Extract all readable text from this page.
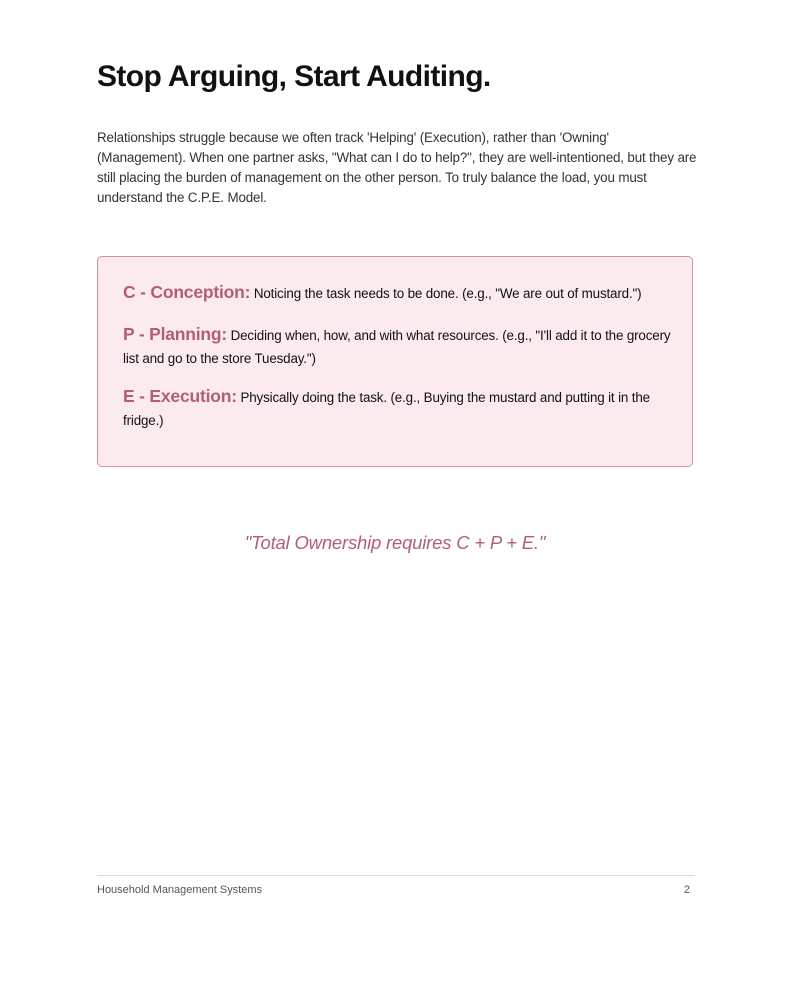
Stop Arguing, Start Auditing.

Relationships struggle because we often track 'Helping' (Execution), rather than 'Owning' (Management). When one partner asks, "What can I do to help?", they are well-intentioned, but they are still placing the burden of management on the other person. To truly balance the load, you must understand the C.P.E. Model.

C - Conception: Noticing the task needs to be done. (e.g., "We are out of mustard.")

P - Planning: Deciding when, how, and with what resources. (e.g., "I'll add it to the grocery list and go to the store Tuesday.")

E - Execution: Physically doing the task. (e.g., Buying the mustard and putting it in the fridge.)

"Total Ownership requires C + P + E."

Household Management Systems	2
